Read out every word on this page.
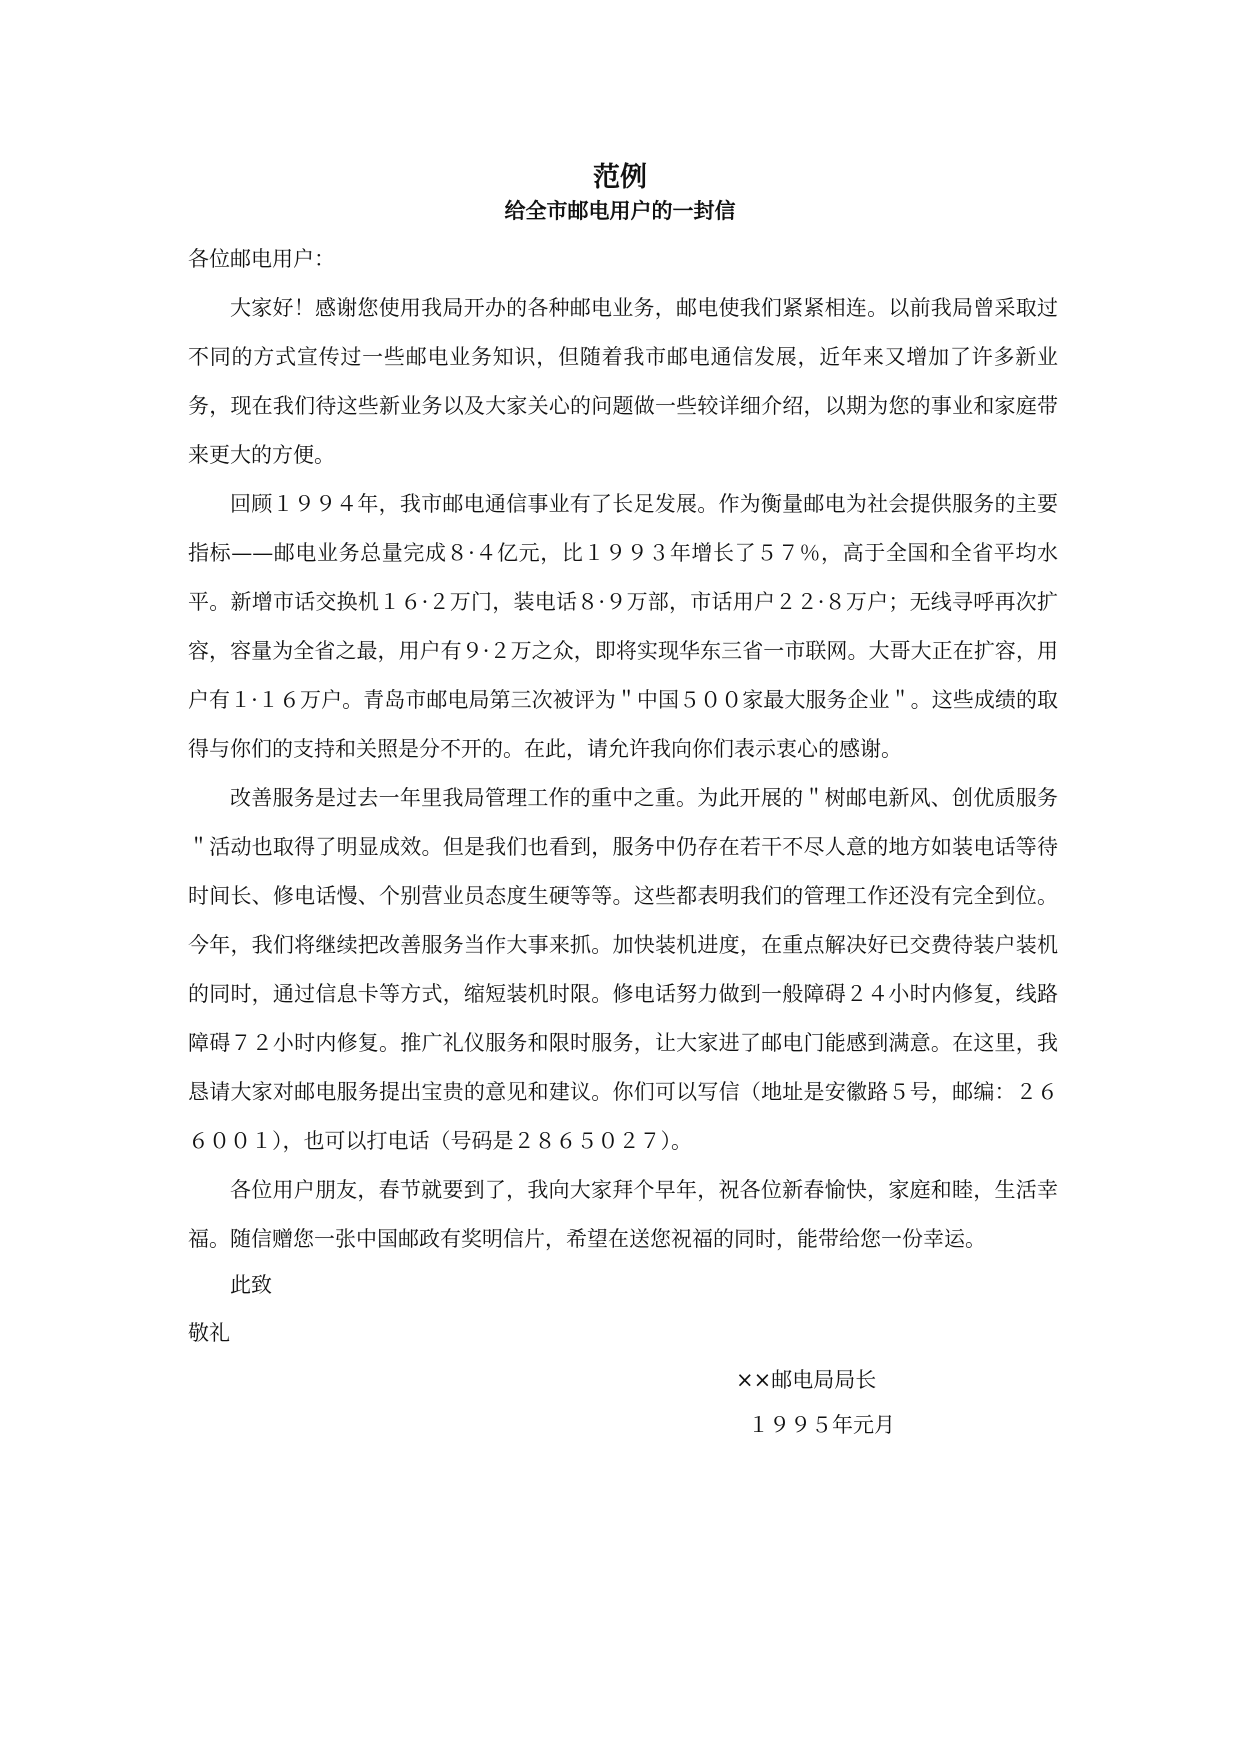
范例
给全市邮电用户的一封信

各位邮电用户：

大家好！感谢您使用我局开办的各种邮电业务，邮电使我们紧紧相连。以前我局曾采取过不同的方式宣传过一些邮电业务知识，但随着我市邮电通信发展，近年来又增加了许多新业务，现在我们待这些新业务以及大家关心的问题做一些较详细介绍，以期为您的事业和家庭带来更大的方便。

回顾１９９４年，我市邮电通信事业有了长足发展。作为衡量邮电为社会提供服务的主要指标——邮电业务总量完成８·４亿元，比１９９３年增长了５７％，高于全国和全省平均水平。新增市话交换机１６·２万门，装电话８·９万部，市话用户２２·８万户；无线寻呼再次扩容，容量为全省之最，用户有９·２万之众，即将实现华东三省一市联网。大哥大正在扩容，用户有１·１６万户。青岛市邮电局第三次被评为＂中国５００家最大服务企业＂。这些成绩的取得与你们的支持和关照是分不开的。在此，请允许我向你们表示衷心的感谢。

改善服务是过去一年里我局管理工作的重中之重。为此开展的＂树邮电新风、创优质服务＂活动也取得了明显成效。但是我们也看到，服务中仍存在若干不尽人意的地方如装电话等待时间长、修电话慢、个别营业员态度生硬等等。这些都表明我们的管理工作还没有完全到位。今年，我们将继续把改善服务当作大事来抓。加快装机进度，在重点解决好已交费待装户装机的同时，通过信息卡等方式，缩短装机时限。修电话努力做到一般障碍２４小时内修复，线路障碍７２小时内修复。推广礼仪服务和限时服务，让大家进了邮电门能感到满意。在这里，我恳请大家对邮电服务提出宝贵的意见和建议。你们可以写信（地址是安徽路５号，邮编：２６６００１），也可以打电话（号码是２８６５０２７）。

各位用户朋友，春节就要到了，我向大家拜个早年，祝各位新春愉快，家庭和睦，生活幸福。随信赠您一张中国邮政有奖明信片，希望在送您祝福的同时，能带给您一份幸运。

此致

敬礼

××邮电局局长

１９９５年元月
